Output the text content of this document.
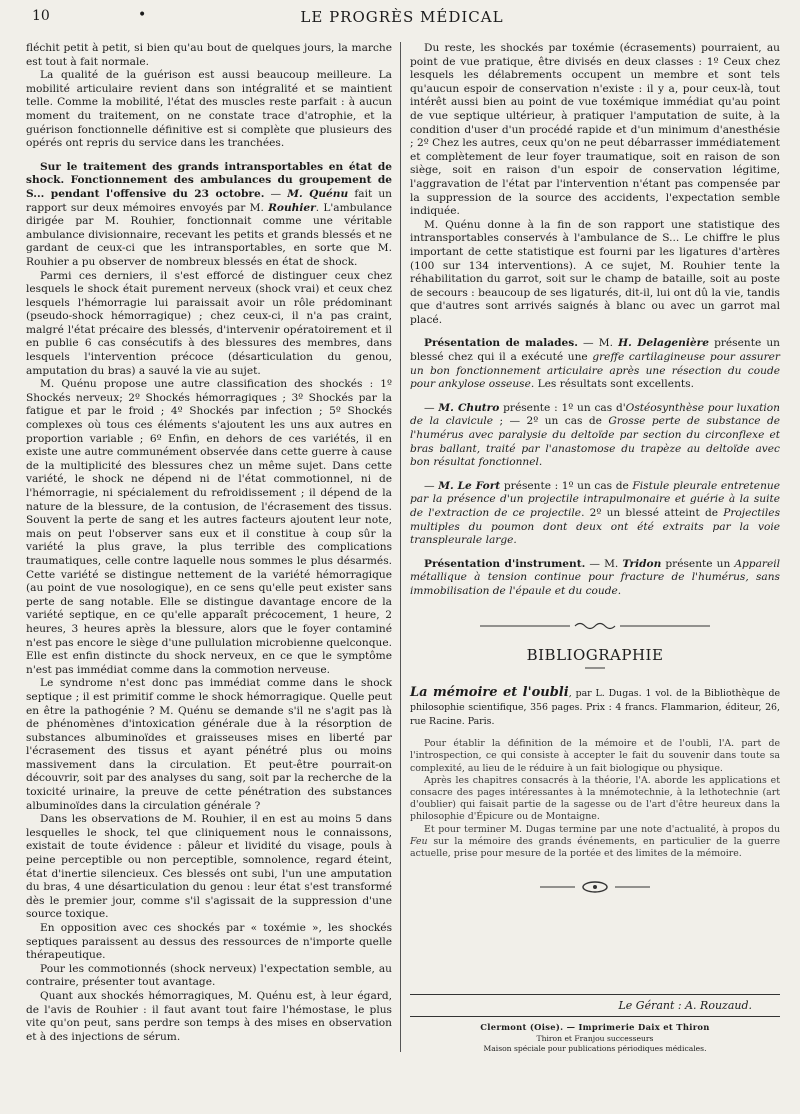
10	•	LE PROGRÈS MÉDICAL

fléchit petit à petit, si bien qu'au bout de quelques jours, la marche est tout à fait normale.

La qualité de la guérison est aussi beaucoup meilleure. La mobilité articulaire revient dans son intégralité et se maintient telle. Comme la mobilité, l'état des muscles reste parfait : à aucun moment du traitement, on ne constate trace d'atrophie, et la guérison fonctionnelle définitive est si complète que plusieurs des opérés ont repris du service dans les tranchées.

Sur le traitement des grands intransportables en état de shock. Fonctionnement des ambulances du groupement de S... pendant l'offensive du 23 octobre. — M. Quénu fait un rapport sur deux mémoires envoyés par M. Rouhier. L'ambulance dirigée par M. Rouhier, fonctionnait comme une véritable ambulance divisionnaire, recevant les petits et grands blessés et ne gardant de ceux-ci que les intransportables, en sorte que M. Rouhier a pu observer de nombreux blessés en état de shock.

Parmi ces derniers, il s'est efforcé de distinguer ceux chez lesquels le shock était purement nerveux (shock vrai) et ceux chez lesquels l'hémorragie lui paraissait avoir un rôle prédominant (pseudo-shock hémorragique) ; chez ceux-ci, il n'a pas craint, malgré l'état précaire des blessés, d'intervenir opératoirement et il en publie 6 cas consécutifs à des blessures des membres, dans lesquels l'intervention précoce (désarticulation du genou, amputation du bras) a sauvé la vie au sujet.

M. Quénu propose une autre classification des shockés : 1º Shockés nerveux; 2º Shockés hémorragiques ; 3º Shockés par la fatigue et par le froid ; 4º Shockés par infection ; 5º Shockés complexes où tous ces éléments s'ajoutent les uns aux autres en proportion variable ; 6º Enfin, en dehors de ces variétés, il en existe une autre communément observée dans cette guerre à cause de la multiplicité des blessures chez un même sujet. Dans cette variété, le shock ne dépend ni de l'état commotionnel, ni de l'hémorragie, ni spécialement du refroidissement ; il dépend de la nature de la blessure, de la contusion, de l'écrasement des tissus. Souvent la perte de sang et les autres facteurs ajoutent leur note, mais on peut l'observer sans eux et il constitue à coup sûr la variété la plus grave, la plus terrible des complications traumatiques, celle contre laquelle nous sommes le plus désarmés. Cette variété se distingue nettement de la variété hémorragique (au point de vue nosologique), en ce sens qu'elle peut exister sans perte de sang notable. Elle se distingue davantage encore de la variété septique, en ce qu'elle apparaît précocement, 1 heure, 2 heures, 3 heures après la blessure, alors que le foyer contaminé n'est pas encore le siège d'une pullulation microbienne quelconque. Elle est enfin distincte du shock nerveux, en ce que le symptôme n'est pas immédiat comme dans la commotion nerveuse.

Le syndrome n'est donc pas immédiat comme dans le shock septique ; il est primitif comme le shock hémorragique. Quelle peut en être la pathogénie ? M. Quénu se demande s'il ne s'agit pas là de phénomènes d'intoxication générale due à la résorption de substances albuminoïdes et graisseuses mises en liberté par l'écrasement des tissus et ayant pénétré plus ou moins massivement dans la circulation. Et peut-être pourrait-on découvrir, soit par des analyses du sang, soit par la recherche de la toxicité urinaire, la preuve de cette pénétration des substances albuminoïdes dans la circulation générale ?

Dans les observations de M. Rouhier, il en est au moins 5 dans lesquelles le shock, tel que cliniquement nous le connaissons, existait de toute évidence : pâleur et lividité du visage, pouls à peine perceptible ou non perceptible, somnolence, regard éteint, état d'inertie silencieux. Ces blessés ont subi, l'un une amputation du bras, 4 une désarticulation du genou : leur état s'est transformé dès le premier jour, comme s'il s'agissait de la suppression d'une source toxique.

En opposition avec ces shockés par « toxémie », les shockés septiques paraissent au dessus des ressources de n'importe quelle thérapeutique.

Pour les commotionnés (shock nerveux) l'expectation semble, au contraire, présenter tout avantage.

Quant aux shockés hémorragiques, M. Quénu est, à leur égard, de l'avis de Rouhier : il faut avant tout faire l'hémostase, le plus vite qu'on peut, sans perdre son temps à des mises en observation et à des injections de sérum.

Du reste, les shockés par toxémie (écrasements) pourraient, au point de vue pratique, être divisés en deux classes : 1º Ceux chez lesquels les délabrements occupent un membre et sont tels qu'aucun espoir de conservation n'existe : il y a, pour ceux-là, tout intérêt aussi bien au point de vue toxémique immédiat qu'au point de vue septique ultérieur, à pratiquer l'amputation de suite, à la condition d'user d'un procédé rapide et d'un minimum d'anesthésie ; 2º Chez les autres, ceux qu'on ne peut débarrasser immédiatement et complètement de leur foyer traumatique, soit en raison de son siège, soit en raison d'un espoir de conservation légitime, l'aggravation de l'état par l'intervention n'étant pas compensée par la suppression de la source des accidents, l'expectation semble indiquée.

M. Quénu donne à la fin de son rapport une statistique des intransportables conservés à l'ambulance de S... Le chiffre le plus important de cette statistique est fourni par les ligatures d'artères (100 sur 134 interventions). A ce sujet, M. Rouhier tente la réhabilitation du garrot, soit sur le champ de bataille, soit au poste de secours : beaucoup de ses ligaturés, dit-il, lui ont dû la vie, tandis que d'autres sont arrivés saignés à blanc ou avec un garrot mal placé.

Présentation de malades. — M. H. Delagenière présente un blessé chez qui il a exécuté une greffe cartilagineuse pour assurer un bon fonctionnement articulaire après une résection du coude pour ankylose osseuse. Les résultats sont excellents.

— M. Chutro présente : 1º un cas d'Ostéosynthèse pour luxation de la clavicule ; — 2º un cas de Grosse perte de substance de l'humérus avec paralysie du deltoïde par section du circonflexe et bras ballant, traité par l'anastomose du trapèze au deltoïde avec bon résultat fonctionnel.

— M. Le Fort présente : 1º un cas de Fistule pleurale entretenue par la présence d'un projectile intrapulmonaire et guérie à la suite de l'extraction de ce projectile. 2º un blessé atteint de Projectiles multiples du poumon dont deux ont été extraits par la voie transpleurale large.

Présentation d'instrument. — M. Tridon présente un Appareil métallique à tension continue pour fracture de l'humérus, sans immobilisation de l'épaule et du coude.

BIBLIOGRAPHIE

La mémoire et l'oubli, par L. Dugas. 1 vol. de la Bibliothèque de philosophie scientifique, 356 pages. Prix : 4 francs. Flammarion, éditeur, 26, rue Racine. Paris.

Pour établir la définition de la mémoire et de l'oubli, l'A. part de l'introspection, ce qui consiste à accepter le fait du souvenir dans toute sa complexité, au lieu de le réduire à un fait biologique ou physique.

Après les chapitres consacrés à la théorie, l'A. aborde les applications et consacre des pages intéressantes à la mnémotechnie, à la lethotechnie (art d'oublier) qui faisait partie de la sagesse ou de l'art d'être heureux dans la philosophie d'Épicure ou de Montaigne.

Et pour terminer M. Dugas termine par une note d'actualité, à propos du Feu sur la mémoire des grands événements, en particulier de la guerre actuelle, prise pour mesure de la portée et des limites de la mémoire.

Le Gérant : A. Rouzaud.
Clermont (Oise). — Imprimerie Daix et Thiron
Thiron et Franjou successeurs
Maison spéciale pour publications périodiques médicales.
